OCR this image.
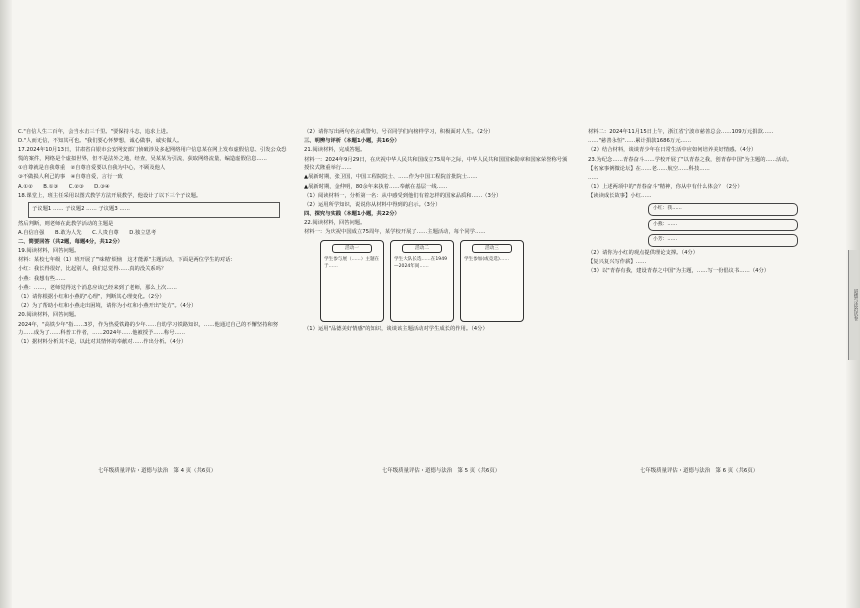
C."自信人生二百年，会当水击三千里。"要保持斗志，追求上进。

D."人而无信，不知其可也。"我们要心怀梦想，诚心做事，诚实做人。

17.2024年10月13日，甘肃省白银市公安网安部门侦破涉及多起网络用户信息某在网上发布虚假信息、引发公众恐慌的案件，网络是个虚拟世界，但不是法外之地，经查，吴某某为引流，获取网络流量，编造虚假信息……

①自尊就是自我尊重　②自尊自爱要以自我为中心，不顾及他人

③不做损人利己的事　④自尊自爱，言行一致

A.①②　　B.①③　　C.②③　　D.③④

18.课堂上，班主任采用以图式教学方法开展教学，他设计了以下三个子议题。

子议题1 …… 子议题2 …… 子议题3 ……

然后判断，则老师在此教学活动的主题是

A.自信自强　　B.敢为人先　　C.人贵自尊　　D.独立思考

二、简要回答（共2题，每题4分，共12分）

19.阅读材料，回答问题。

材料：某校七年级（1）班开展了"'味精'烦恼　这才能源"主题活动，下面是两位学生的对话：

小红：我长得很好，比起别人，我们总觉得……真的没关系吗？

小燕：我想有些……

小燕：……，老师觉得这个消息应该已经来到了老师，那么上次……

（1）请你根据小红和小燕的"心理"，判断其心理变化。（2分）

（2）为了帮助小红和小燕走出困境，请你为小红和小燕开出"处方"。（4分）

20.阅读材料，回答问题。

2024年，"高铁少年"指……3岁，作为热爱铁路的少年……自幼学习铁路知识，……他通过自己的不懈坚持和努力……成为了……科普工作者，……2024年……他被授予……称号……

（1）据材料分析其不是，以此对其情怀的奉献对……作出分析。（4分）

七年级质量评估・道德与法治　第 4 页（共6页）

（2）请你写出两句名言或警句，号召同学们向榜样学习，积极面对人生。（2分）

三、明辨与评析（本题1小题，共16分）

21.阅读材料，完成答题。

材料一：2024年9月29日，在庆祝中华人民共和国成立75周年之际，中华人民共和国国家勋章和国家荣誉称号颁授仪式隆重举行……

▲展新时期，张卫国，中国工程院院士、……作为中国工程院首批院士……

▲展新时期，金仲明，80余年来执着……奉献在基层一线……

（1）阅读材料一，分析第一名：从中感受到他们有着怎样的国家品质和……（3分）

（2）运用所学知识，说说你从材料中得到的启示。（3分）

四、探究与实践（本题1小题，共22分）

22.阅读材料，回答问题。

材料一：为庆祝中国成立75周年，某学校开展了……主题活动，每个同学……

活动一
学生参与展（……）主题在于……
活动二
学生大队长选……在1949—2024年间……
活动三
学生参加(或竞选)……

（1）运用"品德美好情感"的知识，谈谈该主题活动对学生成长的作用。（4分）

七年级质量评估・道德与法治　第 5 页（共6页）

材料二：2024年11月15日上午，浙江省宁波市慈善总会……109万元捐款……

……"慈善永恒"……累计捐款1686万元……

（2）结合材料，谈谈青少年在日常生活中应如何培养美好情感。（4分）

23.为纪念……青春奋斗……学校开展了"以青春之我，创青春中国"为主题的……活动。

【名家事例微论坛】在……老……航空……科技……

……

（1）上述两项中的"青春奋斗"精神，你从中有什么体会？（2分）

【读读成长故事】小红……

小红：我……
小燕：……
小芳：……

（2）请你为小红的观点提供理论支撑。（4分）

【复兴复兴写作薪】……

（3）以"青春有我，建设青春之中国"为主题，……写一份倡议书……（4分）

七年级质量评估・道德与法治　第 6 页（共6页）
道德与法治试卷
